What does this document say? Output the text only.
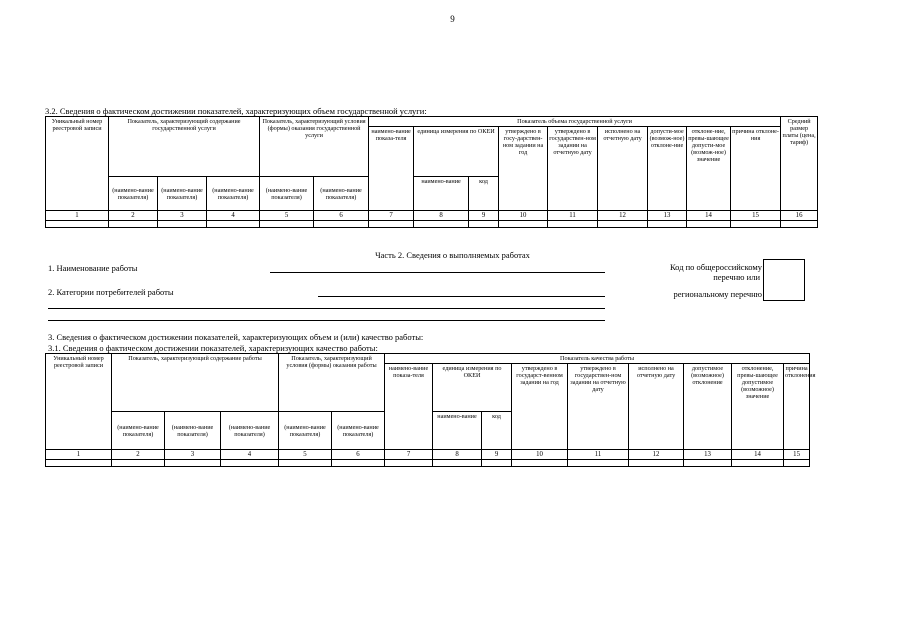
9
3.2. Сведения о фактическом достижении показателей, характеризующих объем государственной услуги:
Уникальный номер реестровой записи	Показатель, характеризующий содержание государственной услуги			Показатель, характеризующий условия (формы) оказания государственной услуги		Показатель объема государственной услуги									Средний размер платы (цена, тариф)
						наимено-вание показа-теля	единица измерения по ОКЕИ		утверждено в госу-дарствен-ном задании на год	утверждено в государствен-ном задании на отчетную дату	исполнено на отчетную дату	допусти-мое (возмож-ное) отклоне-ние	отклоне-ние, превы-шающее допусти-мое (возмож-ное) значение	причина отклоне-ния	
	(наимено-вание показателя)	(наимено-вание показателя)	(наимено-вание показателя)	(наимено-вание показателя)	(наимено-вание показателя)		наимено-вание	код							
1	2	3	4	5	6	7	8	9	10	11	12	13	14	15	16

Часть 2. Сведения о выполняемых работах
1. Наименование работы
2. Категории потребителей работы
Код по общероссийскому
перечню или
региональному перечню
3. Сведения о фактическом достижении показателей, характеризующих объем и (или) качество работы:
3.1. Сведения о фактическом достижении показателей, характеризующих качество работы:
Уникальный номер реестровой записи	Показатель, характеризующий содержание работы			Показатель, характеризующий условия (формы) оказания работы		Показатель качества работы								
						наимено-вание показа-теля	единица измерения по ОКЕИ		утверждено в государст-венном задании на год	утверждено в государствен-ном задании на отчетную дату	исполнено на отчетную дату	допустимое (возможное) отклонение	отклонение, превы-шающее допустимое (возможное) значение	причина отклонения
	(наимено-вание показателя)	(наимено-вание показателя)	(наимено-вание показателя)	(наимено-вание показателя)	(наимено-вание показателя)		наимено-вание	код						
1	2	3	4	5	6	7	8	9	10	11	12	13	14	15
